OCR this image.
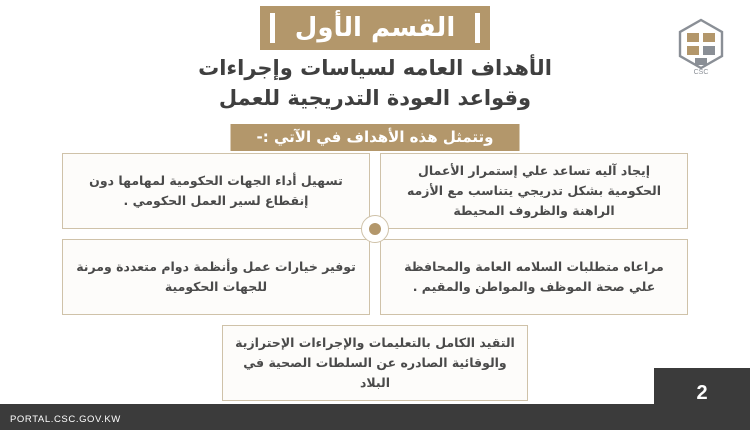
CSC
القسم الأول
الأهداف العامه لسياسات وإجراءات
وقواعد العودة التدريجية للعمل
وتتمثل هذه الأهداف في الآتي :-

إيجاد آليه تساعد علي إستمرار الأعمال الحكومية بشكل تدريجي يتناسب مع الأزمه الراهنة والظروف المحيطة

تسهيل أداء الجهات الحكومية لمهامها دون إنقطاع لسير العمل الحكومي .

مراعاه متطلبات السلامه العامة والمحافظة علي صحة الموظف والمواطن والمقيم .

توفير خيارات عمل وأنظمة دوام متعددة ومرنة للجهات الحكومية

التقيد الكامل بالتعليمات والإجراءات الإحترازية والوقائية الصادره عن السلطات الصحية في البلاد

PORTAL.CSC.GOV.KW
2
